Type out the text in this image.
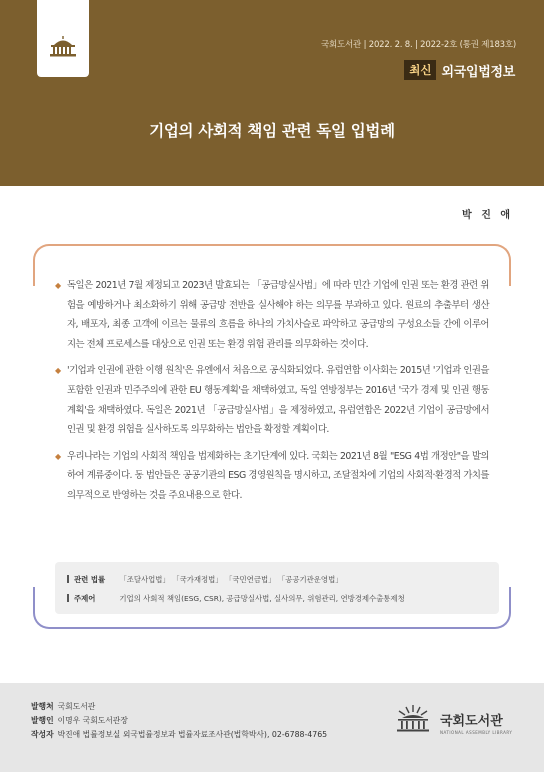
국회도서관 | 2022. 2. 8. | 2022-2호 (통권 제183호)
최신 외국입법정보
기업의 사회적 책임 관련 독일 입법례
박 진 애
◆ 독일은 2021년 7월 제정되고 2023년 발효되는 「공급망실사법」에 따라 민간 기업에 인권 또는 환경 관련 위험을 예방하거나 최소화하기 위해 공급망 전반을 실사해야 하는 의무를 부과하고 있다. 원료의 추출부터 생산자, 배포자, 최종 고객에 이르는 물류의 흐름을 하나의 가치사슬로 파악하고 공급망의 구성요소들 간에 이루어지는 전체 프로세스를 대상으로 인권 또는 환경 위험 관리를 의무화하는 것이다.
◆ '기업과 인권에 관한 이행 원칙'은 유엔에서 처음으로 공식화되었다. 유럽연합 이사회는 2015년 '기업과 인권을 포함한 인권과 민주주의에 관한 EU 행동계획'을 채택하였고, 독일 연방정부는 2016년 '국가 경제 및 인권 행동 계획'을 채택하였다. 독일은 2021년 「공급망실사법」을 제정하였고, 유럽연합은 2022년 기업이 공급망에서 인권 및 환경 위험을 실사하도록 의무화하는 법안을 확정할 계획이다.
◆ 우리나라는 기업의 사회적 책임을 법제화하는 초기단계에 있다. 국회는 2021년 8월 "ESG 4법 개정안"을 발의하여 계류중이다. 동 법안들은 공공기관의 ESG 경영원칙을 명시하고, 조달절차에 기업의 사회적·환경적 가치를 의무적으로 반영하는 것을 주요내용으로 한다.
관련 법률 「조달사업법」 「국가재정법」 「국민연금법」 「공공기관운영법」
주제어	기업의 사회적 책임(ESG, CSR), 공급망실사법, 실사의무, 위험관리, 연방경제수출통제청
발행처 국회도서관
발행인 이명우 국회도서관장
작성자 박진애 법률정보실 외국법률정보과 법률자료조사관(법학박사), 02-6788-4765
국회도서관
NATIONAL ASSEMBLY LIBRARY
